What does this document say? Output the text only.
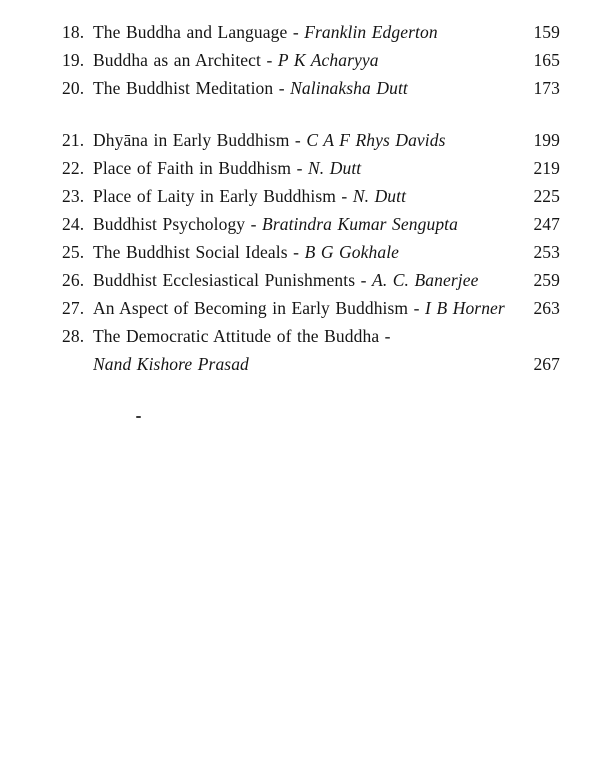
18. The Buddha and Language - Franklin Edgerton	159
19. Buddha as an Architect - P K Acharyya	165
20. The Buddhist Meditation - Nalinaksha Dutt	173
21. Dhyāna in Early Buddhism - C A F Rhys Davids	199
22. Place of Faith in Buddhism - N. Dutt	219
23. Place of Laity in Early Buddhism - N. Dutt	225
24. Buddhist Psychology - Bratindra Kumar Sengupta	247
25. The Buddhist Social Ideals - B G Gokhale	253
26. Buddhist Ecclesiastical Punishments - A. C. Banerjee	259
27. An Aspect of Becoming in Early Buddhism - I B Horner	263
28. The Democratic Attitude of the Buddha -
Nand Kishore Prasad	267
